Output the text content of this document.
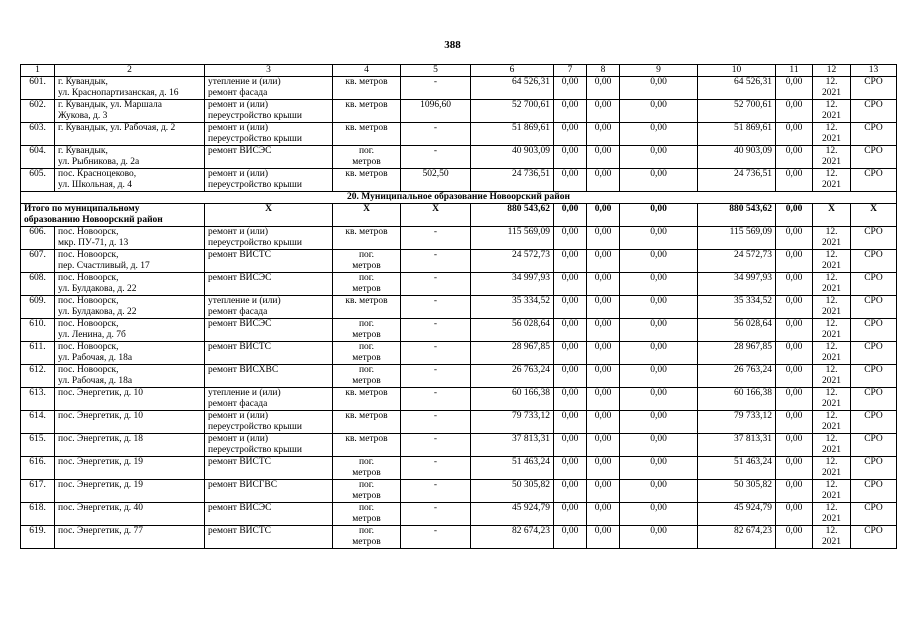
388
1	2	3	4	5	6	7	8	9	10	11	12	13
601.	г. Кувандык,
ул. Краснопартизанская, д. 16	утепление и (или)
ремонт фасада	кв. метров	-	64 526,31	0,00	0,00	0,00	64 526,31	0,00	12.
2021	СРО
602.	г. Кувандык, ул. Маршала
Жукова, д. 3	ремонт и (или)
переустройство крыши	кв. метров	1096,60	52 700,61	0,00	0,00	0,00	52 700,61	0,00	12.
2021	СРО
603.	г. Кувандык, ул. Рабочая, д. 2	ремонт и (или)
переустройство крыши	кв. метров	-	51 869,61	0,00	0,00	0,00	51 869,61	0,00	12.
2021	СРО
604.	г. Кувандык,
ул. Рыбникова, д. 2а	ремонт ВИСЭС	пог.
метров	-	40 903,09	0,00	0,00	0,00	40 903,09	0,00	12.
2021	СРО
605.	пос. Красноцеково,
ул. Школьная, д. 4	ремонт и (или)
переустройство крыши	кв. метров	502,50	24 736,51	0,00	0,00	0,00	24 736,51	0,00	12.
2021	СРО
20. Муниципальное образование Новоорский район												

Итого по муниципальному
образованию Новоорский район		X	X	X	880 543,62	0,00	0,00	0,00	880 543,62	0,00	X	X
606.	пос. Новоорск,
мкр. ПУ-71, д. 13	ремонт и (или)
переустройство крыши	кв. метров	-	115 569,09	0,00	0,00	0,00	115 569,09	0,00	12.
2021	СРО
607.	пос. Новоорск,
пер. Счастливый, д. 17	ремонт ВИСТС	пог.
метров	-	24 572,73	0,00	0,00	0,00	24 572,73	0,00	12.
2021	СРО
608.	пос. Новоорск,
ул. Булдакова, д. 22	ремонт ВИСЭС	пог.
метров	-	34 997,93	0,00	0,00	0,00	34 997,93	0,00	12.
2021	СРО
609.	пос. Новоорск,
ул. Булдакова, д. 22	утепление и (или)
ремонт фасада	кв. метров	-	35 334,52	0,00	0,00	0,00	35 334,52	0,00	12.
2021	СРО
610.	пос. Новоорск,
ул. Ленина, д. 7б	ремонт ВИСЭС	пог.
метров	-	56 028,64	0,00	0,00	0,00	56 028,64	0,00	12.
2021	СРО
611.	пос. Новоорск,
ул. Рабочая, д. 18а	ремонт ВИСТС	пог.
метров	-	28 967,85	0,00	0,00	0,00	28 967,85	0,00	12.
2021	СРО
612.	пос. Новоорск,
ул. Рабочая, д. 18а	ремонт ВИСХВС	пог.
метров	-	26 763,24	0,00	0,00	0,00	26 763,24	0,00	12.
2021	СРО
613.	пос. Энергетик, д. 10	утепление и (или)
ремонт фасада	кв. метров	-	60 166,38	0,00	0,00	0,00	60 166,38	0,00	12.
2021	СРО
614.	пос. Энергетик, д. 10	ремонт и (или)
переустройство крыши	кв. метров	-	79 733,12	0,00	0,00	0,00	79 733,12	0,00	12.
2021	СРО
615.	пос. Энергетик, д. 18	ремонт и (или)
переустройство крыши	кв. метров	-	37 813,31	0,00	0,00	0,00	37 813,31	0,00	12.
2021	СРО
616.	пос. Энергетик, д. 19	ремонт ВИСТС	пог.
метров	-	51 463,24	0,00	0,00	0,00	51 463,24	0,00	12.
2021	СРО
617.	пос. Энергетик, д. 19	ремонт ВИСГВС	пог.
метров	-	50 305,82	0,00	0,00	0,00	50 305,82	0,00	12.
2021	СРО
618.	пос. Энергетик, д. 40	ремонт ВИСЭС	пог.
метров	-	45 924,79	0,00	0,00	0,00	45 924,79	0,00	12.
2021	СРО
619.	пос. Энергетик, д. 77	ремонт ВИСТС	пог.
метров	-	82 674,23	0,00	0,00	0,00	82 674,23	0,00	12.
2021	СРО
